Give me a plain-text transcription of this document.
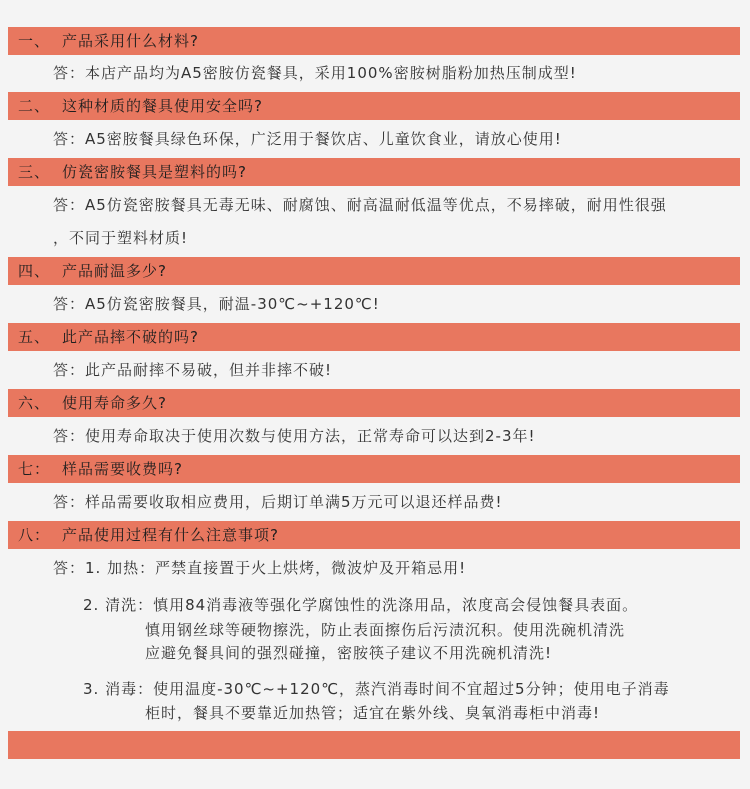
一、 产品采用什么材料?
答：本店产品均为A5密胺仿瓷餐具，采用100%密胺树脂粉加热压制成型!
二、 这种材质的餐具使用安全吗?
答：A5密胺餐具绿色环保，广泛用于餐饮店、儿童饮食业，请放心使用!
三、 仿瓷密胺餐具是塑料的吗?
答：A5仿瓷密胺餐具无毒无味、耐腐蚀、耐高温耐低温等优点，不易摔破，耐用性很强
，不同于塑料材质!
四、 产品耐温多少?
答：A5仿瓷密胺餐具，耐温-30℃~+120℃!
五、 此产品摔不破的吗?
答：此产品耐摔不易破，但并非摔不破!
六、 使用寿命多久?
答：使用寿命取决于使用次数与使用方法，正常寿命可以达到2-3年!
七： 样品需要收费吗?
答：样品需要收取相应费用，后期订单满5万元可以退还样品费!
八： 产品使用过程有什么注意事项?
答：1. 加热：严禁直接置于火上烘烤，微波炉及开箱忌用!
2. 清洗：慎用84消毒液等强化学腐蚀性的洗涤用品，浓度高会侵蚀餐具表面。
慎用钢丝球等硬物擦洗，防止表面擦伤后污渍沉积。使用洗碗机清洗
应避免餐具间的强烈碰撞，密胺筷子建议不用洗碗机清洗!
3. 消毒：使用温度-30℃~+120℃，蒸汽消毒时间不宜超过5分钟；使用电子消毒
柜时，餐具不要靠近加热管；适宜在紫外线、臭氧消毒柜中消毒!
